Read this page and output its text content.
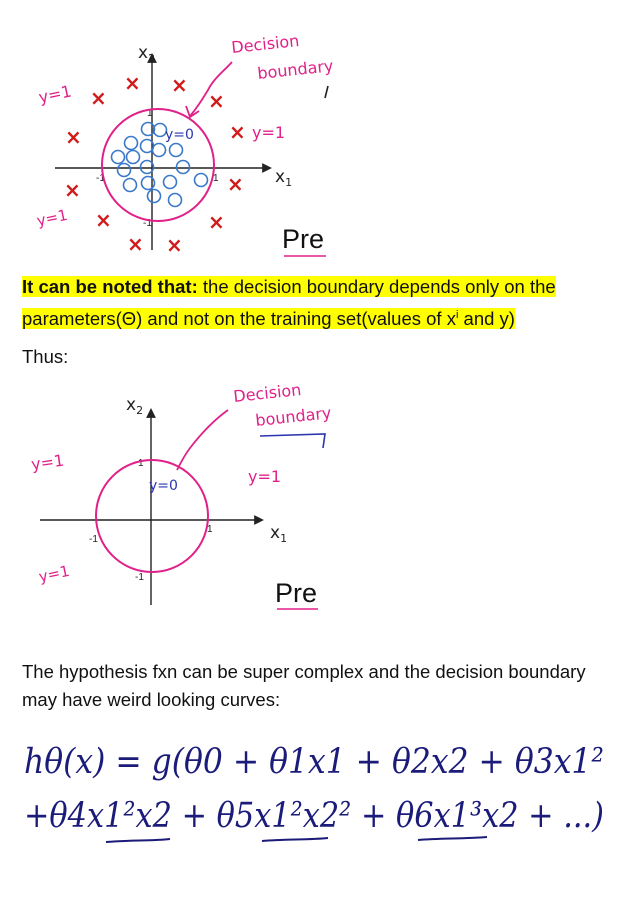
$x_2$
$x_1$
1
-1
-1	1
×
× ×
×
×	×
×	×
×	×
× ×
y=1
y=1
y=0	y=1
Decision
boundary
Pre
It can be noted that: the decision boundary depends only on the parameters(Θ) and not on the training set(values of $x^i$ and y)
Thus:
$x_2$
$x_1$
1
-1
-1
1
y=1
y=1
y=0	y=1
Decision
boundary
Pre
The hypothesis fxn can be super complex and the decision boundary may have weird looking curves:
hθ(x) = g(θ0 + θ1x1 + θ2x2 + θ3x1²
+θ4x1²x2 + θ5x1²x2² + θ6x1³x2 + ...)
